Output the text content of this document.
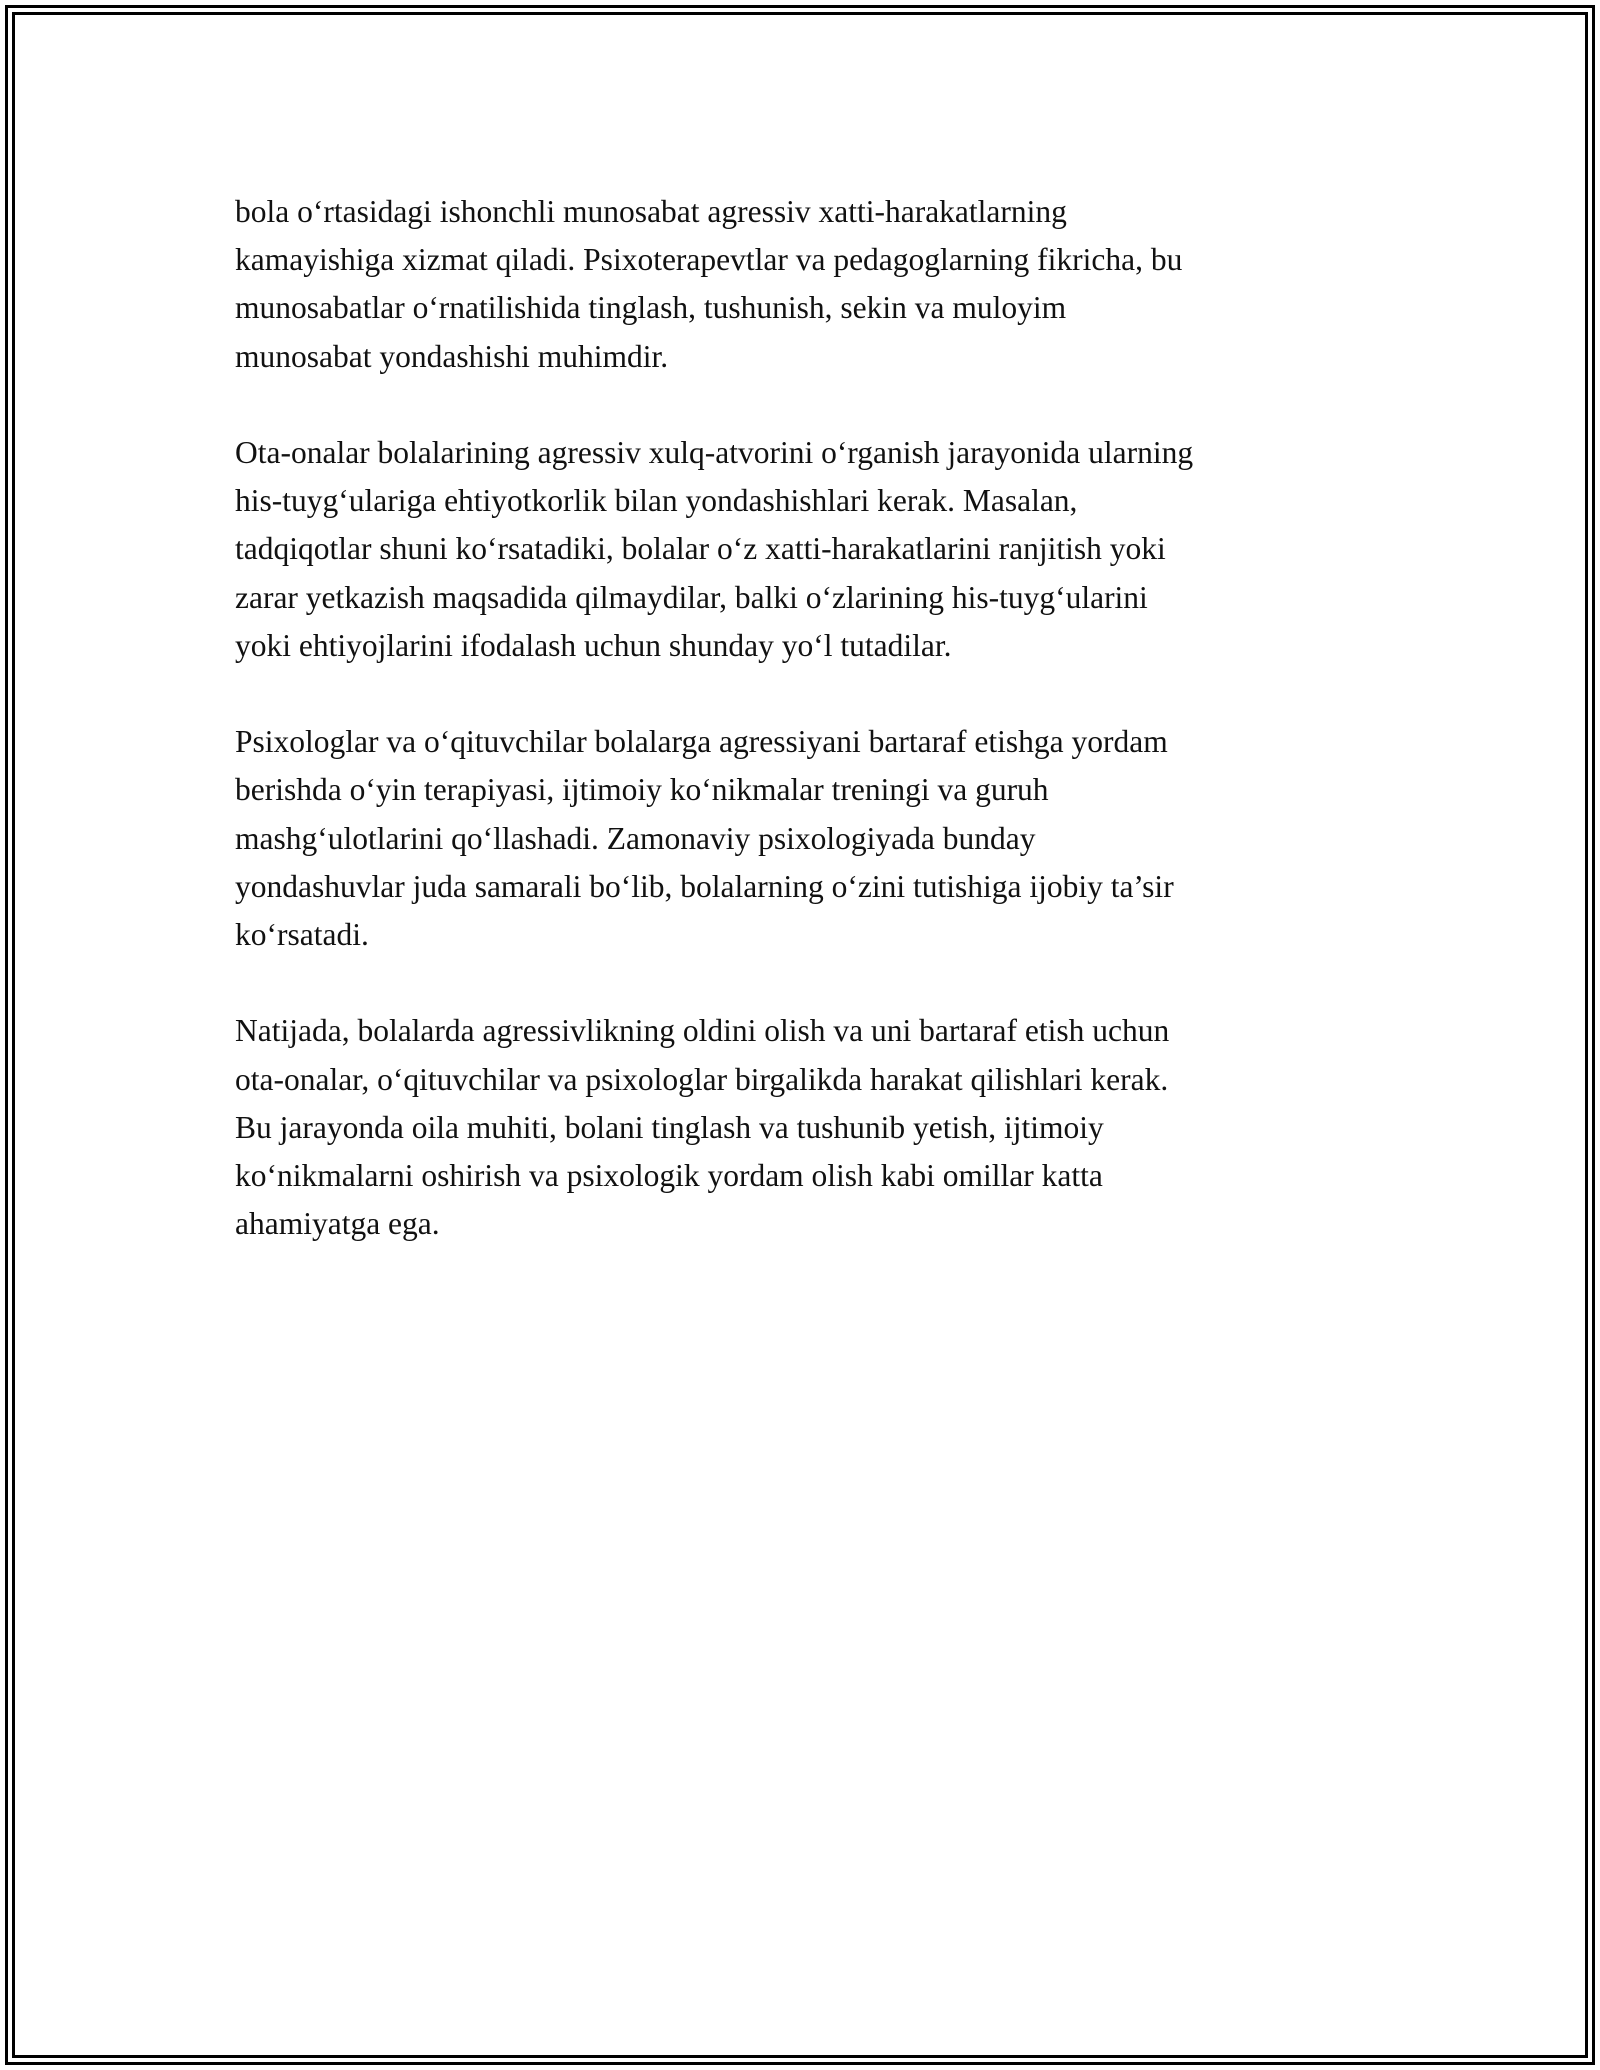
bola o‘rtasidagi ishonchli munosabat agressiv xatti-harakatlarning
kamayishiga xizmat qiladi. Psixoterapevtlar va pedagoglarning fikricha, bu
munosabatlar o‘rnatilishida tinglash, tushunish, sekin va muloyim
munosabat yondashishi muhimdir.

Ota-onalar bolalarining agressiv xulq-atvorini o‘rganish jarayonida ularning
his-tuyg‘ulariga ehtiyotkorlik bilan yondashishlari kerak. Masalan,
tadqiqotlar shuni ko‘rsatadiki, bolalar o‘z xatti-harakatlarini ranjitish yoki
zarar yetkazish maqsadida qilmaydilar, balki o‘zlarining his-tuyg‘ularini
yoki ehtiyojlarini ifodalash uchun shunday yo‘l tutadilar.

Psixologlar va o‘qituvchilar bolalarga agressiyani bartaraf etishga yordam
berishda o‘yin terapiyasi, ijtimoiy ko‘nikmalar treningi va guruh
mashg‘ulotlarini qo‘llashadi. Zamonaviy psixologiyada bunday
yondashuvlar juda samarali bo‘lib, bolalarning o‘zini tutishiga ijobiy ta’sir
ko‘rsatadi.

Natijada, bolalarda agressivlikning oldini olish va uni bartaraf etish uchun
ota-onalar, o‘qituvchilar va psixologlar birgalikda harakat qilishlari kerak.
Bu jarayonda oila muhiti, bolani tinglash va tushunib yetish, ijtimoiy
ko‘nikmalarni oshirish va psixologik yordam olish kabi omillar katta
ahamiyatga ega.
